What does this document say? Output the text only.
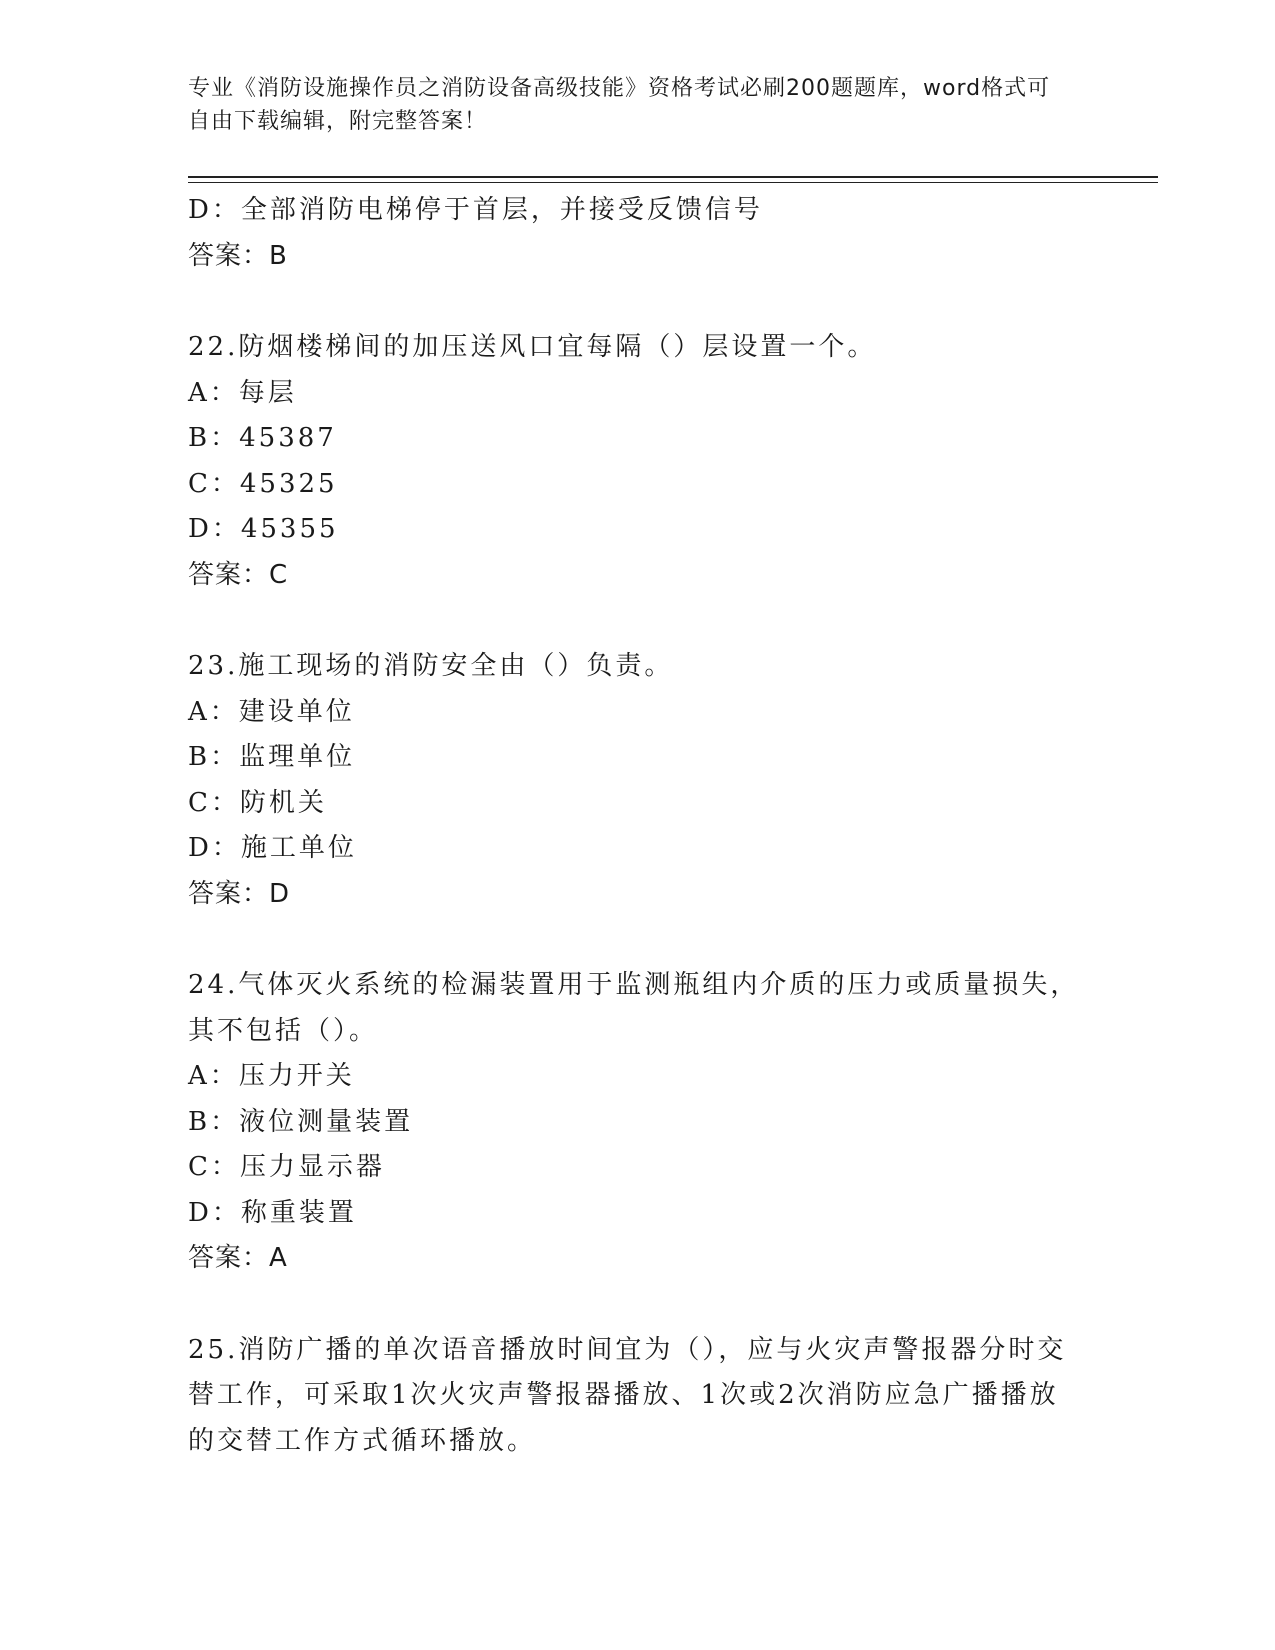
专业《消防设施操作员之消防设备高级技能》资格考试必刷200题题库，word格式可自由下载编辑，附完整答案！
D：全部消防电梯停于首层，并接受反馈信号
答案：B
22.防烟楼梯间的加压送风口宜每隔（）层设置一个。
A：每层
B：45387
C：45325
D：45355
答案：C
23.施工现场的消防安全由（）负责。
A：建设单位
B：监理单位
C：防机关
D：施工单位
答案：D
24.气体灭火系统的检漏装置用于监测瓶组内介质的压力或质量损失，
其不包括（）。
A：压力开关
B：液位测量装置
C：压力显示器
D：称重装置
答案：A
25.消防广播的单次语音播放时间宜为（），应与火灾声警报器分时交
替工作，可采取1次火灾声警报器播放、1次或2次消防应急广播播放
的交替工作方式循环播放。
